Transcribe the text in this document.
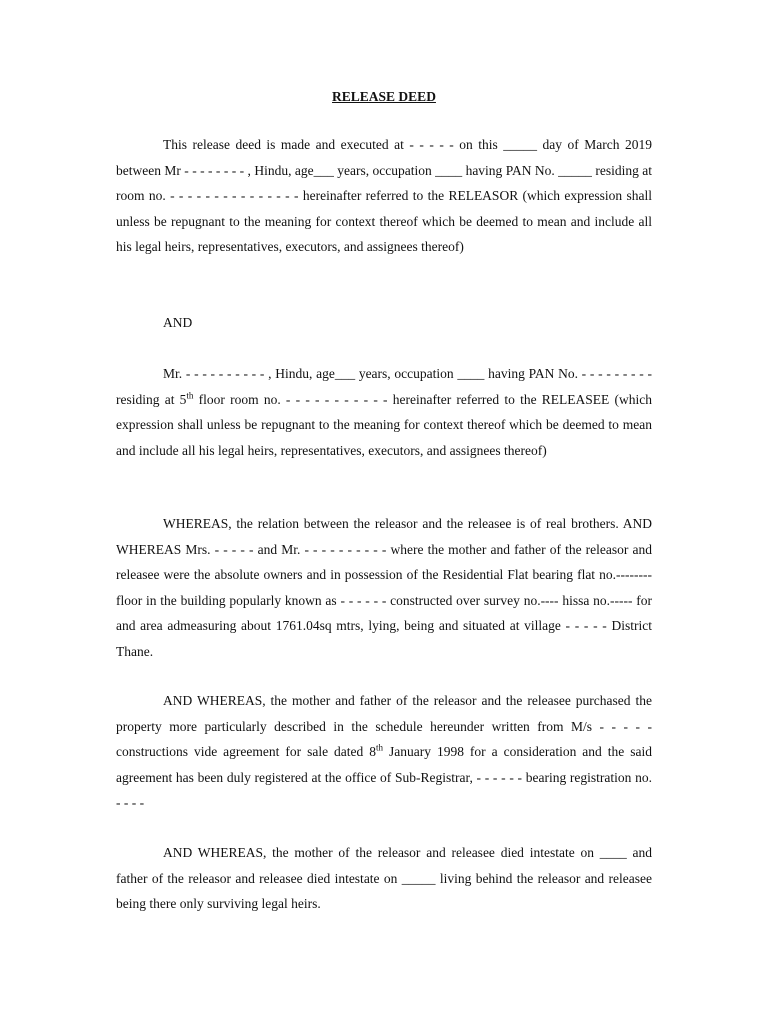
RELEASE DEED

This release deed is made and executed at - - - - - on this _____ day of March 2019 between Mr - - - - - - - - , Hindu, age___ years, occupation ____ having PAN No. _____ residing at room no. - - - - - - - - - - - - - - - hereinafter referred to the RELEASOR (which expression shall unless be repugnant to the meaning for context thereof which be deemed to mean and include all his legal heirs, representatives, executors, and assignees thereof)

AND

Mr. - - - - - - - - - - , Hindu, age___ years, occupation ____ having PAN No. - - - - - - - - - residing at 5th floor room no. - - - - - - - - - - - hereinafter referred to the RELEASEE (which expression shall unless be repugnant to the meaning for context thereof which be deemed to mean and include all his legal heirs, representatives, executors, and assignees thereof)

WHEREAS, the relation between the releasor and the releasee is of real brothers. AND WHEREAS Mrs. - - - - - and Mr. - - - - - - - - - - where the mother and father of the releasor and releasee were the absolute owners and in possession of the Residential Flat bearing flat no.-------- floor in the building popularly known as - - - - - - constructed over survey no.---- hissa no.----- for and area admeasuring about 1761.04sq mtrs, lying, being and situated at village - - - - - District Thane.

AND WHEREAS, the mother and father of the releasor and the releasee purchased the property more particularly described in the schedule hereunder written from M/s - - - - - constructions vide agreement for sale dated 8th January 1998 for a consideration and the said agreement has been duly registered at the office of Sub-Registrar, - - - - - - bearing registration no. - - - -

AND WHEREAS, the mother of the releasor and releasee died intestate on ____ and father of the releasor and releasee died intestate on _____ living behind the releasor and releasee being there only surviving legal heirs.
